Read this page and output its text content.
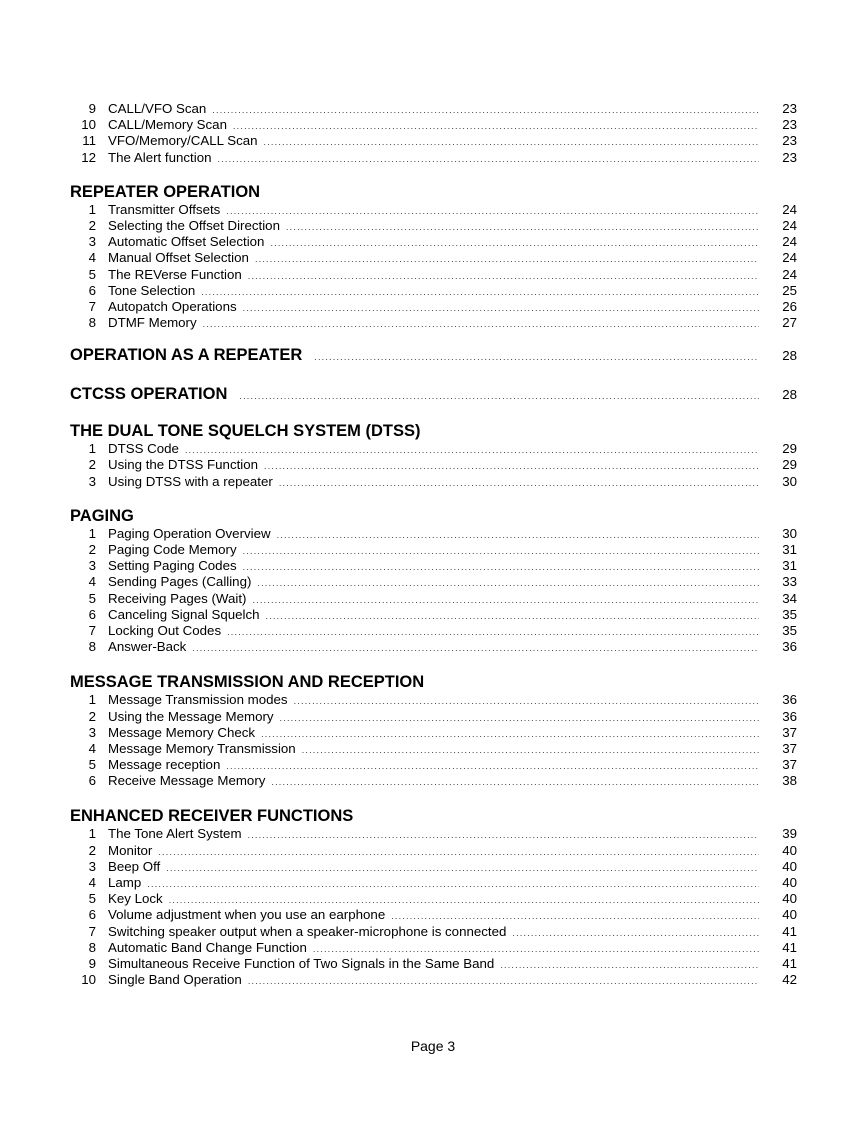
9 CALL/VFO Scan .....	23
10 CALL/Memory Scan .....	23
11 VFO/Memory/CALL Scan .....	23
12 The Alert function .....	23
REPEATER OPERATION
1 Transmitter Offsets .....	24
2 Selecting the Offset Direction .....	24
3 Automatic Offset Selection .....	24
4 Manual Offset Selection .....	24
5 The REVerse Function .....	24
6 Tone Selection .....	25
7 Autopatch Operations .....	26
8 DTMF Memory .....	27
OPERATION AS A REPEATER .....	28
CTCSS OPERATION .....	28
THE DUAL TONE SQUELCH SYSTEM (DTSS)
1 DTSS Code .....	29
2 Using the DTSS Function .....	29
3 Using DTSS with a repeater .....	30
PAGING
1 Paging Operation Overview .....	30
2 Paging Code Memory .....	31
3 Setting Paging Codes .....	31
4 Sending Pages (Calling) .....	33
5 Receiving Pages (Wait) .....	34
6 Canceling Signal Squelch .....	35
7 Locking Out Codes .....	35
8 Answer-Back .....	36
MESSAGE TRANSMISSION AND RECEPTION
1 Message Transmission modes .....	36
2 Using the Message Memory .....	36
3 Message Memory Check .....	37
4 Message Memory Transmission .....	37
5 Message reception .....	37
6 Receive Message Memory .....	38
ENHANCED RECEIVER FUNCTIONS
1 The Tone Alert System .....	39
2 Monitor .....	40
3 Beep Off .....	40
4 Lamp .....	40
5 Key Lock .....	40
6 Volume adjustment when you use an earphone .....	40
7 Switching speaker output when a speaker-microphone is connected .....	41
8 Automatic Band Change Function .....	41
9 Simultaneous Receive Function of Two Signals in the Same Band .....	41
10 Single Band Operation .....	42
Page 3
